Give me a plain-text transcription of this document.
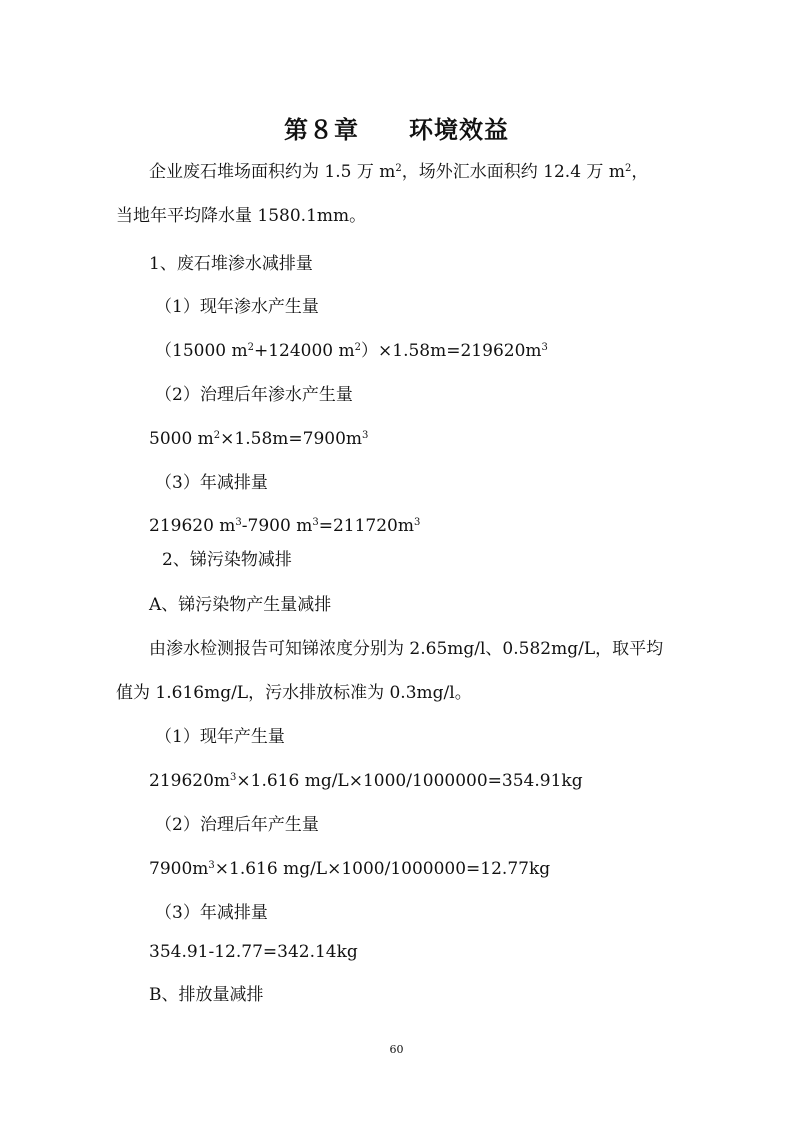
第８章　　环境效益
企业废石堆场面积约为 1.5 万 $m^2$，场外汇水面积约 12.4 万 $m^2$，
当地年平均降水量 1580.1mm。
1、废石堆渗水减排量
（1）现年渗水产生量
（15000 $m^2+124000$ $m^2)\times 1.58m=219620m^3$
（2）治理后年渗水产生量
5000 $m^2\times 1.58m=7900m^3$
（3）年减排量
219620 $m^3-7900$ $m^3=211720m^3$
2、锑污染物减排
A、锑污染物产生量减排
由渗水检测报告可知锑浓度分别为 2.65mg/l、0.582mg/L，取平均
值为 1.616mg/L，污水排放标准为 0.3mg/l。
（1）现年产生量
$219620m^3\times 1.616$ mg/L×1000/1000000=354.91kg
（2）治理后年产生量
$7900m^3\times 1.616$ mg/L×1000/1000000=12.77kg
（3）年减排量
354.91-12.77=342.14kg
B、排放量减排
60
